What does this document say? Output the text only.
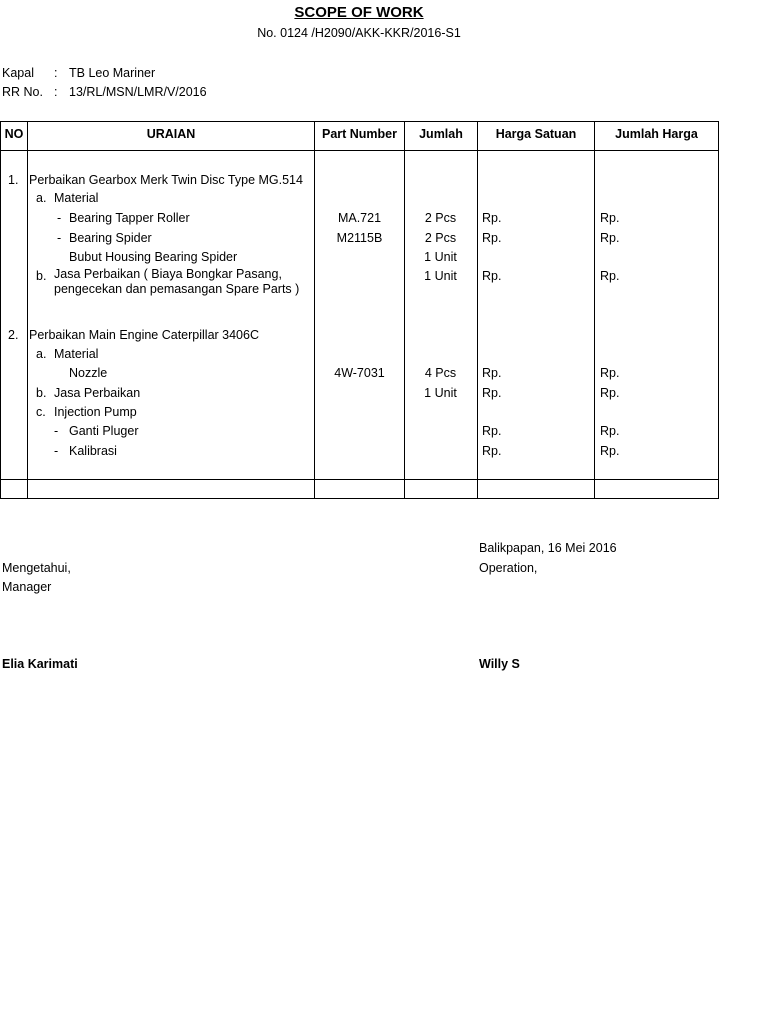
SCOPE OF WORK
No. 0124 /H2090/AKK-KKR/2016-S1
Kapal : TB Leo Mariner
RR No. : 13/RL/MSN/LMR/V/2016
NO	URAIAN	Part Number	Jumlah	Harga Satuan	Jumlah Harga
1. Perbaikan Gearbox Merk Twin Disc Type MG.514
a. Material
- Bearing Tapper Roller	MA.721	2 Pcs	Rp.	Rp.
- Bearing Spider	M2115B	2 Pcs	Rp.	Rp.
Bubut Housing Bearing Spider	1 Unit
b. Jasa Perbaikan ( Biaya Bongkar Pasang,
pengecekan dan pemasangan Spare Parts )
1 Unit	Rp.	Rp.
2. Perbaikan Main Engine Caterpillar 3406C
a. Material
Nozzle	4W-7031	4 Pcs	Rp.	Rp.
b. Jasa Perbaikan	1 Unit	Rp.	Rp.
c. Injection Pump
- Ganti Pluger	Rp.	Rp.
- Kalibrasi	Rp.	Rp.
Balikpapan, 16 Mei 2016
Mengetahui,
Manager
Operation,
Elia Karimati	Willy S
